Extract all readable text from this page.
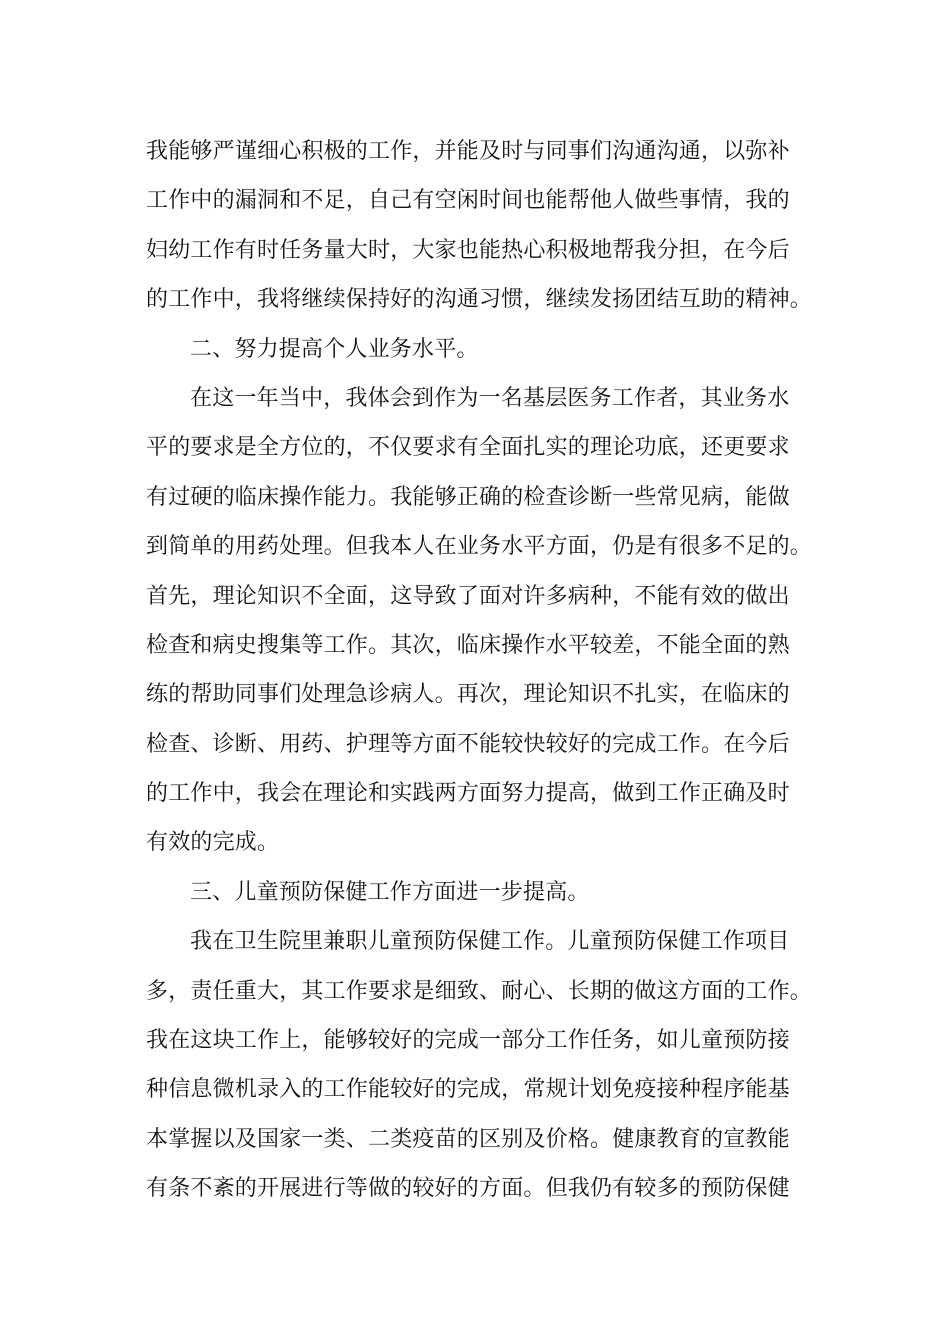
我能够严谨细心积极的工作，并能及时与同事们沟通沟通，以弥补
工作中的漏洞和不足，自己有空闲时间也能帮他人做些事情，我的
妇幼工作有时任务量大时，大家也能热心积极地帮我分担，在今后
的工作中，我将继续保持好的沟通习惯，继续发扬团结互助的精神。
二、努力提高个人业务水平。
在这一年当中，我体会到作为一名基层医务工作者，其业务水
平的要求是全方位的，不仅要求有全面扎实的理论功底，还更要求
有过硬的临床操作能力。我能够正确的检查诊断一些常见病，能做
到简单的用药处理。但我本人在业务水平方面，仍是有很多不足的。
首先，理论知识不全面，这导致了面对许多病种，不能有效的做出
检查和病史搜集等工作。其次，临床操作水平较差，不能全面的熟
练的帮助同事们处理急诊病人。再次，理论知识不扎实，在临床的
检查、诊断、用药、护理等方面不能较快较好的完成工作。在今后
的工作中，我会在理论和实践两方面努力提高，做到工作正确及时
有效的完成。
三、儿童预防保健工作方面进一步提高。
我在卫生院里兼职儿童预防保健工作。儿童预防保健工作项目
多，责任重大，其工作要求是细致、耐心、长期的做这方面的工作。
我在这块工作上，能够较好的完成一部分工作任务，如儿童预防接
种信息微机录入的工作能较好的完成，常规计划免疫接种程序能基
本掌握以及国家一类、二类疫苗的区别及价格。健康教育的宣教能
有条不紊的开展进行等做的较好的方面。但我仍有较多的预防保健
